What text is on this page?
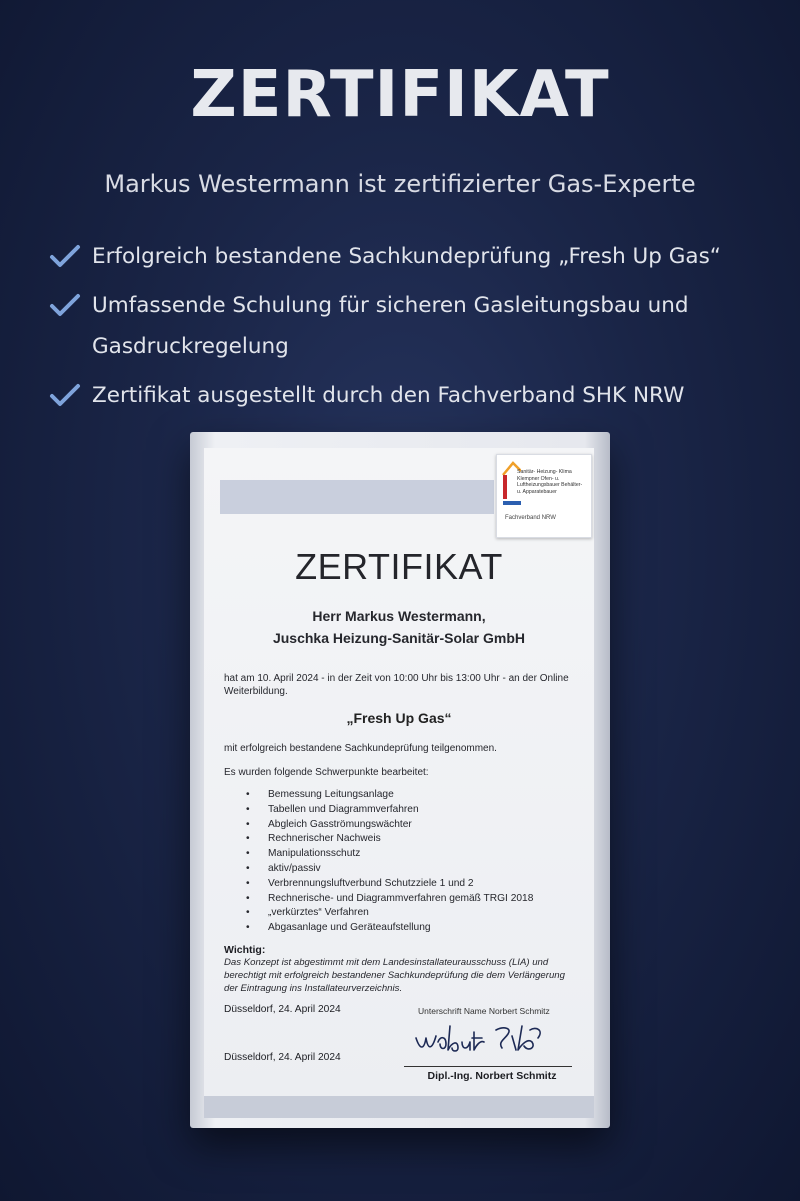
ZERTIFIKAT

Markus Westermann ist zertifizierter Gas-Experte

Erfolgreich bestandene Sachkundeprüfung „Fresh Up Gas“
Umfassende Schulung für sicheren Gasleitungsbau und Gasdruckregelung
Zertifikat ausgestellt durch den Fachverband SHK NRW
Sanitär- Heizung- Klima Klempner Ofen- u. Luftheizungsbauer Behälter- u. Apparatebauer
Fachverband NRW
ZERTIFIKAT

Herr Markus Westermann,

Juschka Heizung-Sanitär-Solar GmbH

hat am 10. April 2024 - in der Zeit von 10:00 Uhr bis 13:00 Uhr - an der Online Weiterbildung.

„Fresh Up Gas“

mit erfolgreich bestandene Sachkundeprüfung teilgenommen.

Es wurden folgende Schwerpunkte bearbeitet:

• Bemessung Leitungsanlage
• Tabellen und Diagrammverfahren
• Abgleich Gasströmungswächter
• Rechnerischer Nachweis
• Manipulationsschutz
• aktiv/passiv
• Verbrennungsluftverbund Schutzziele 1 und 2
• Rechnerische- und Diagrammverfahren gemäß TRGI 2018
• „verkürztes“ Verfahren
• Abgasanlage und Geräteaufstellung

Wichtig:

Das Konzept ist abgestimmt mit dem Landesinstallateurausschuss (LIA) und berechtigt mit erfolgreich bestandener Sachkundeprüfung die dem Verlängerung der Eintragung ins Installateurverzeichnis.

Düsseldorf, 24. April 2024	Unterschrift Name Norbert Schmitz

Düsseldorf, 24. April 2024

Dipl.-Ing. Norbert Schmitz
